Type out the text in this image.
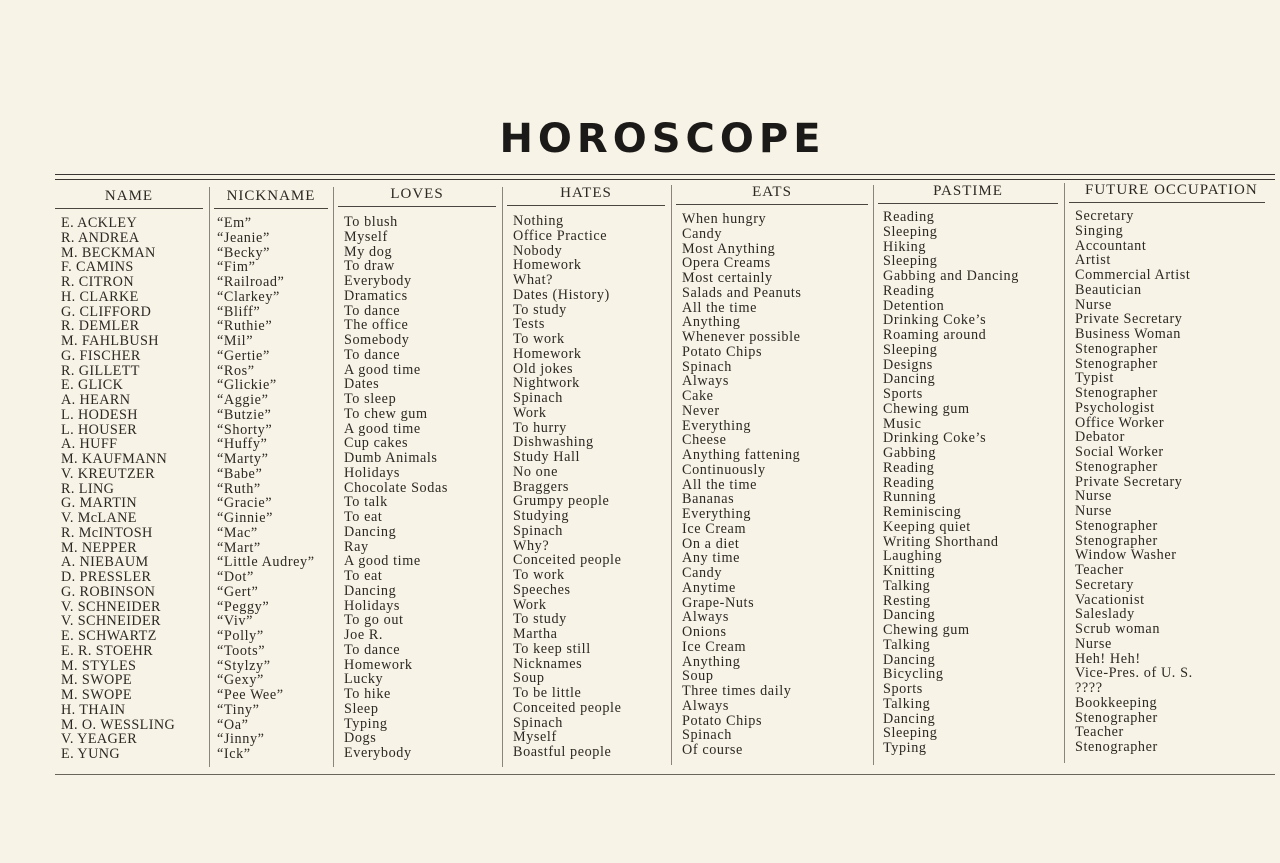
HOROSCOPE
NAME
E. ACKLEY
R. ANDREA
M. BECKMAN
F. CAMINS
R. CITRON
H. CLARKE
G. CLIFFORD
R. DEMLER
M. FAHLBUSH
G. FISCHER
R. GILLETT
E. GLICK
A. HEARN
L. HODESH
L. HOUSER
A. HUFF
M. KAUFMANN
V. KREUTZER
R. LING
G. MARTIN
V. McLANE
R. McINTOSH
M. NEPPER
A. NIEBAUM
D. PRESSLER
G. ROBINSON
V. SCHNEIDER
V. SCHNEIDER
E. SCHWARTZ
E. R. STOEHR
M. STYLES
M. SWOPE
M. SWOPE
H. THAIN
M. O. WESSLING
V. YEAGER
E. YUNG
NICKNAME
“Em”
“Jeanie”
“Becky”
“Fim”
“Railroad”
“Clarkey”
“Bliff”
“Ruthie”
“Mil”
“Gertie”
“Ros”
“Glickie”
“Aggie”
“Butzie”
“Shorty”
“Huffy”
“Marty”
“Babe”
“Ruth”
“Gracie”
“Ginnie”
“Mac”
“Mart”
“Little Audrey”
“Dot”
“Gert”
“Peggy”
“Viv”
“Polly”
“Toots”
“Stylzy”
“Gexy”
“Pee Wee”
“Tiny”
“Oa”
“Jinny”
“Ick”
LOVES
To blush
Myself
My dog
To draw
Everybody
Dramatics
To dance
The office
Somebody
To dance
A good time
Dates
To sleep
To chew gum
A good time
Cup cakes
Dumb Animals
Holidays
Chocolate Sodas
To talk
To eat
Dancing
Ray
A good time
To eat
Dancing
Holidays
To go out
Joe R.
To dance
Homework
Lucky
To hike
Sleep
Typing
Dogs
Everybody
HATES
Nothing
Office Practice
Nobody
Homework
What?
Dates (History)
To study
Tests
To work
Homework
Old jokes
Nightwork
Spinach
Work
To hurry
Dishwashing
Study Hall
No one
Braggers
Grumpy people
Studying
Spinach
Why?
Conceited people
To work
Speeches
Work
To study
Martha
To keep still
Nicknames
Soup
To be little
Conceited people
Spinach
Myself
Boastful people
EATS
When hungry
Candy
Most Anything
Opera Creams
Most certainly
Salads and Peanuts
All the time
Anything
Whenever possible
Potato Chips
Spinach
Always
Cake
Never
Everything
Cheese
Anything fattening
Continuously
All the time
Bananas
Everything
Ice Cream
On a diet
Any time
Candy
Anytime
Grape-Nuts
Always
Onions
Ice Cream
Anything
Soup
Three times daily
Always
Potato Chips
Spinach
Of course
PASTIME
Reading
Sleeping
Hiking
Sleeping
Gabbing and Dancing
Reading
Detention
Drinking Coke’s
Roaming around
Sleeping
Designs
Dancing
Sports
Chewing gum
Music
Drinking Coke’s
Gabbing
Reading
Reading
Running
Reminiscing
Keeping quiet
Writing Shorthand
Laughing
Knitting
Talking
Resting
Dancing
Chewing gum
Talking
Dancing
Bicycling
Sports
Talking
Dancing
Sleeping
Typing
FUTURE OCCUPATION
Secretary
Singing
Accountant
Artist
Commercial Artist
Beautician
Nurse
Private Secretary
Business Woman
Stenographer
Stenographer
Typist
Stenographer
Psychologist
Office Worker
Debator
Social Worker
Stenographer
Private Secretary
Nurse
Nurse
Stenographer
Stenographer
Window Washer
Teacher
Secretary
Vacationist
Saleslady
Scrub woman
Nurse
Heh! Heh!
Vice-Pres. of U. S.
????
Bookkeeping
Stenographer
Teacher
Stenographer
